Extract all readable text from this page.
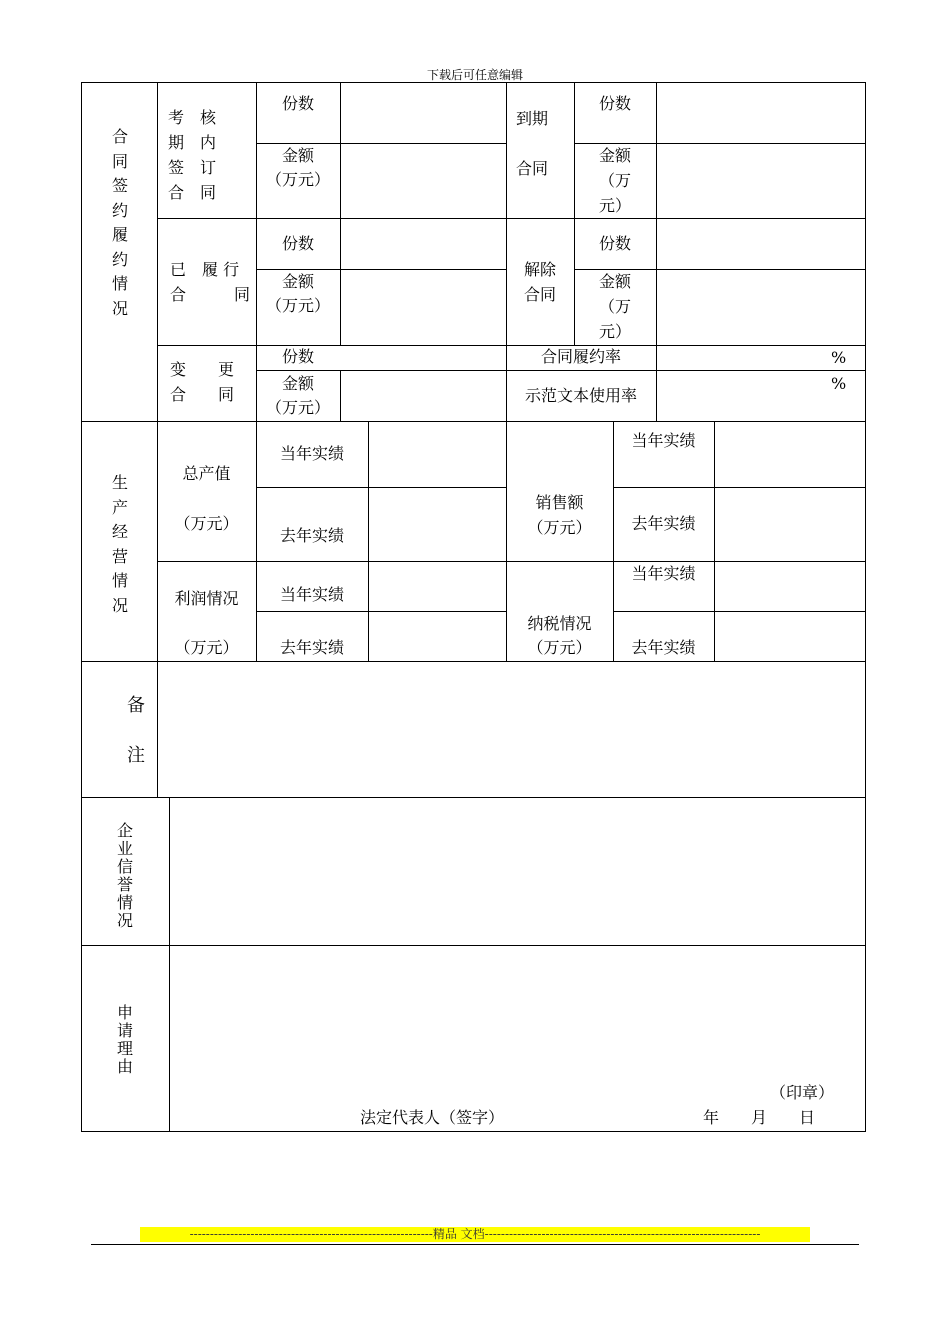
下载后可任意编辑
合同签约履约情况
考　核
期　内
签　订
合　同
份数
金额
（万元）
到期
合同
份数
金额
（万
元）
已　履 行
合　　　同
份数
金额
（万元）
解除
合同
份数
金额
（万
元）
变　　更
合　　同
份数
金额
（万元）
合同履约率	%
示范文本使用率
%
生产经营情况
总产值
（万元）
当年实绩
去年实绩
销售额
（万元）
当年实绩
去年实绩
利润情况
（万元）
当年实绩
去年实绩
纳税情况
（万元）
当年实绩
去年实绩
备
注
企业信誉情况
申请理由
（印章）
法定代表人（签字）	年　　月　　日
------------------------------------------------------------精品 文档--------------------------------------------------------------------
